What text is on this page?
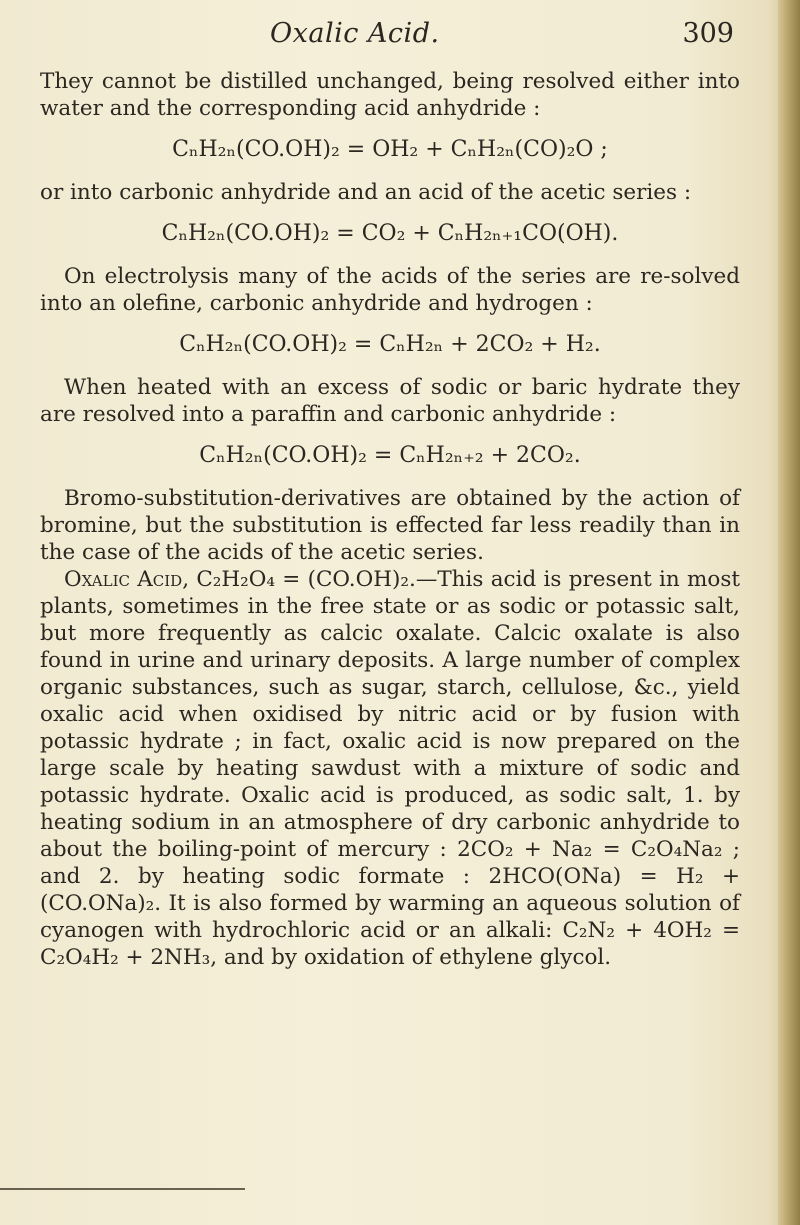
Oxalic Acid.	309

They cannot be distilled unchanged, being resolved either into water and the corresponding acid anhydride :

CₙH₂ₙ(CO.OH)₂ = OH₂ + CₙH₂ₙ(CO)₂O ;

or into carbonic anhydride and an acid of the acetic series :

CₙH₂ₙ(CO.OH)₂ = CO₂ + CₙH₂ₙ₊₁CO(OH).

On electrolysis many of the acids of the series are re-solved into an olefine, carbonic anhydride and hydrogen :

CₙH₂ₙ(CO.OH)₂ = CₙH₂ₙ + 2CO₂ + H₂.

When heated with an excess of sodic or baric hydrate they are resolved into a paraffin and carbonic anhydride :

CₙH₂ₙ(CO.OH)₂ = CₙH₂ₙ₊₂ + 2CO₂.

Bromo-substitution-derivatives are obtained by the action of bromine, but the substitution is effected far less readily than in the case of the acids of the acetic series.

Oxalic Acid, C₂H₂O₄ = (CO.OH)₂.—This acid is present in most plants, sometimes in the free state or as sodic or potassic salt, but more frequently as calcic oxalate. Calcic oxalate is also found in urine and urinary deposits. A large number of complex organic substances, such as sugar, starch, cellulose, &c., yield oxalic acid when oxidised by nitric acid or by fusion with potassic hydrate ; in fact, oxalic acid is now prepared on the large scale by heating sawdust with a mixture of sodic and potassic hydrate. Oxalic acid is produced, as sodic salt, 1. by heating sodium in an atmosphere of dry carbonic anhydride to about the boiling-point of mercury : 2CO₂ + Na₂ = C₂O₄Na₂ ; and 2. by heating sodic formate : 2HCO(ONa) = H₂ + (CO.ONa)₂. It is also formed by warming an aqueous solution of cyanogen with hydrochloric acid or an alkali: C₂N₂ + 4OH₂ = C₂O₄H₂ + 2NH₃, and by oxidation of ethylene glycol.
